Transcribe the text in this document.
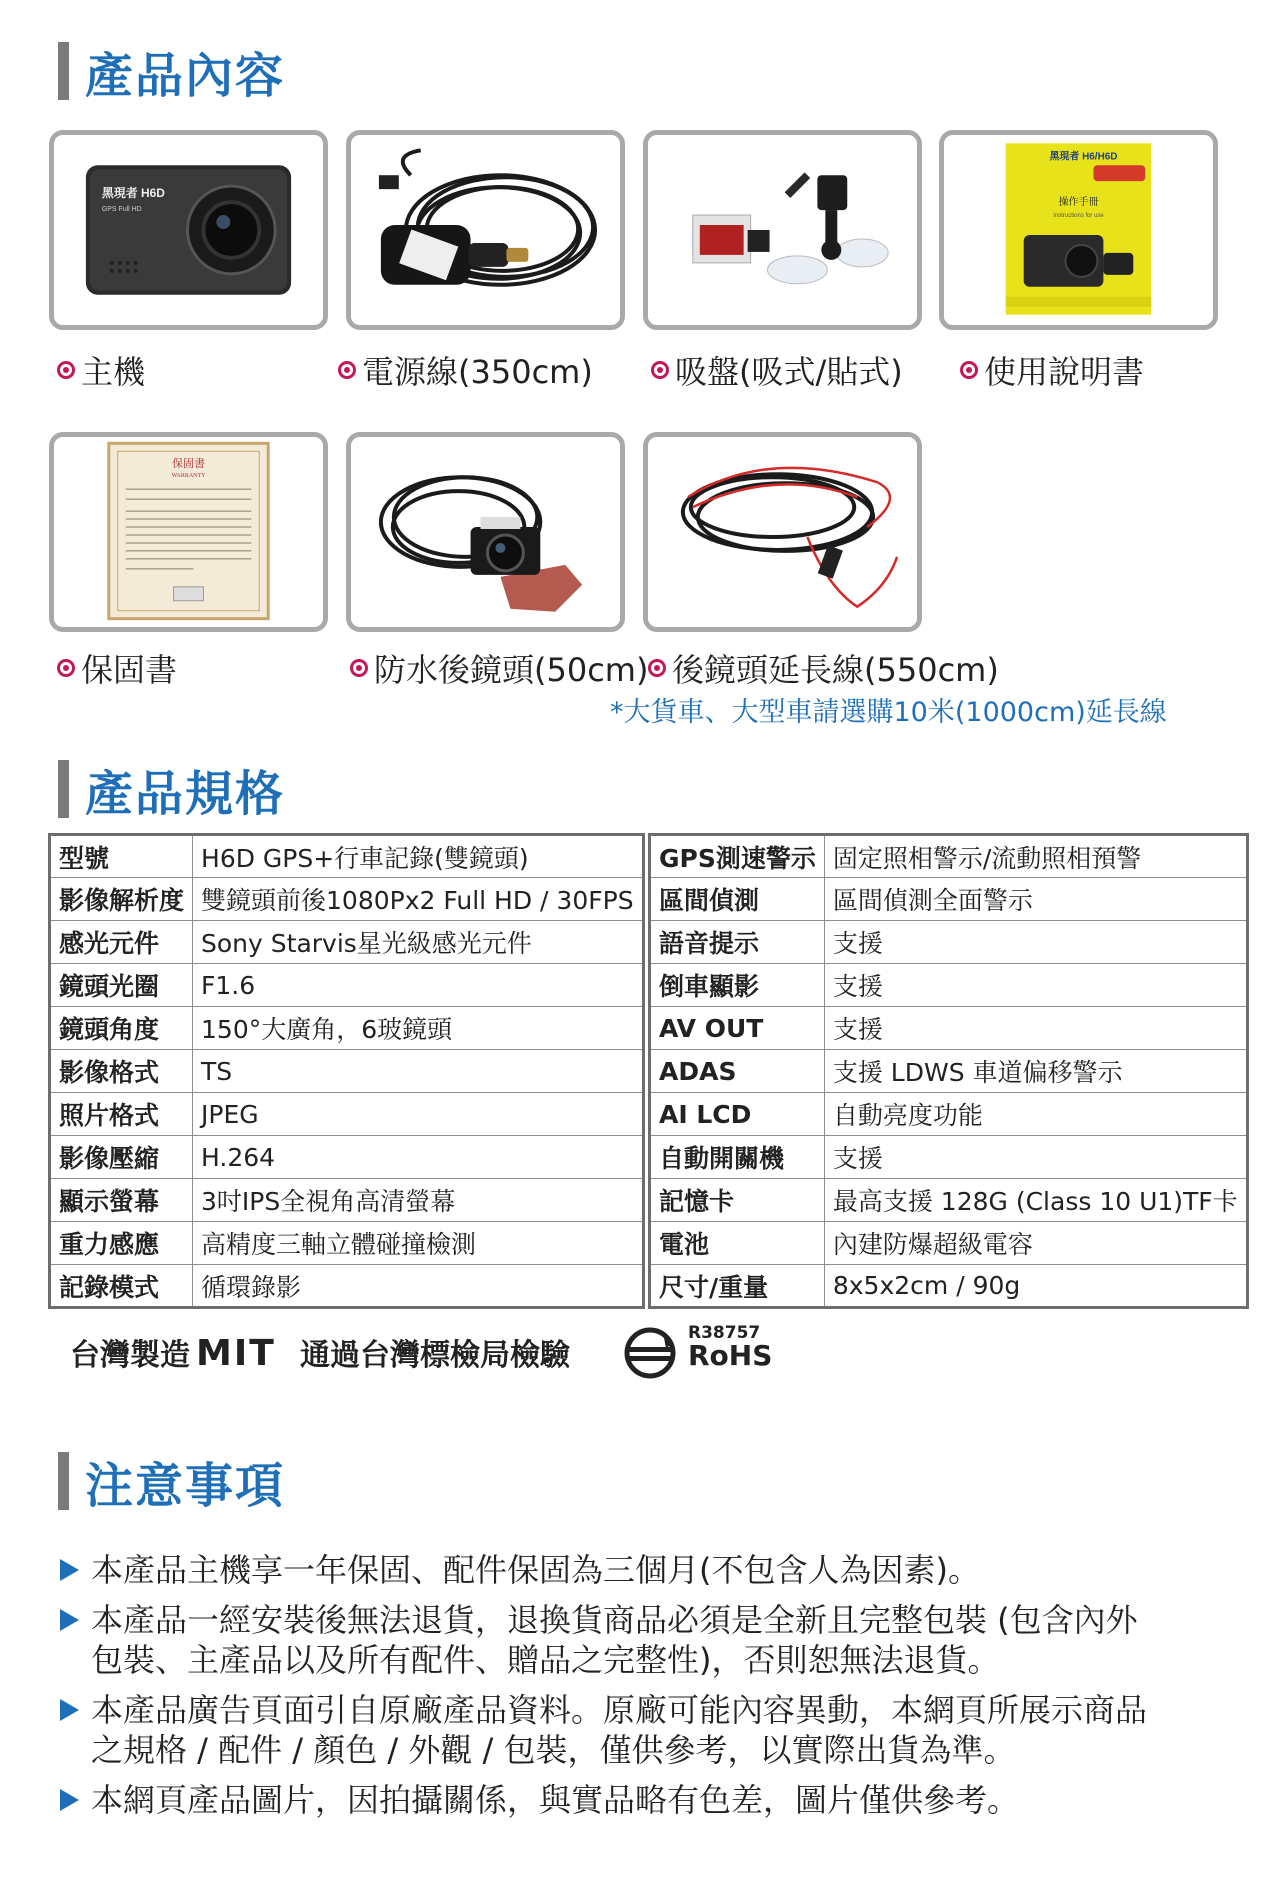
產品內容
黑現者 H6D
GPS Full HD
黑現者 H6/H6D
操作手冊
Instructions for use
主機	電源線(350cm)	吸盤(吸式/貼式)	使用說明書
保固書
WARRANTY
保固書	防水後鏡頭(50cm) 後鏡頭延長線(550cm)
*大貨車、大型車請選購10米(1000cm)延長線
產品規格
型號	H6D GPS+行車記錄(雙鏡頭)
影像解析度	雙鏡頭前後1080Px2 Full HD / 30FPS
感光元件	Sony Starvis星光級感光元件
鏡頭光圈	F1.6
鏡頭角度	150°大廣角，6玻鏡頭
影像格式	TS
照片格式	JPEG
影像壓縮	H.264
顯示螢幕	3吋IPS全視角高清螢幕
重力感應	高精度三軸立體碰撞檢測
記錄模式	循環錄影
GPS測速警示	固定照相警示/流動照相預警
區間偵測	區間偵測全面警示
語音提示	支援
倒車顯影	支援
AV OUT	支援
ADAS	支援 LDWS 車道偏移警示
AI LCD	自動亮度功能
自動開關機	支援
記憶卡	最高支援 128G (Class 10 U1)TF卡
電池	內建防爆超級電容
尺寸/重量	8x5x2cm / 90g
台灣製造 MIT 通過台灣標檢局檢驗
R38757
RoHS
注意事項
本產品主機享一年保固、配件保固為三個月(不包含人為因素)。
本產品一經安裝後無法退貨，退換貨商品必須是全新且完整包裝 (包含內外
包裝、主產品以及所有配件、贈品之完整性)，否則恕無法退貨。
本產品廣告頁面引自原廠產品資料。原廠可能內容異動，本網頁所展示商品
之規格 / 配件 / 顏色 / 外觀 / 包裝，僅供參考，以實際出貨為準。
本網頁產品圖片，因拍攝關係，與實品略有色差，圖片僅供參考。
